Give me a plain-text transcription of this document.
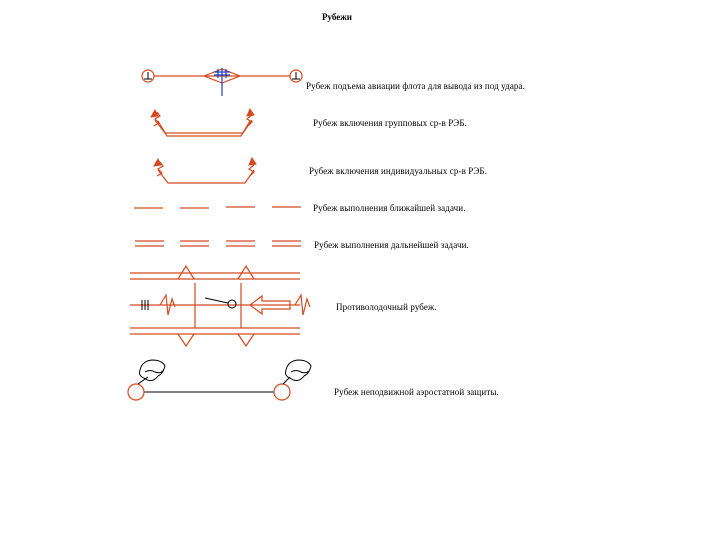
Рубежи
Рубеж подъема авиации флота для вывода из под удара.
Рубеж включения групповых ср-в РЭБ.
Рубеж включения индивидуальных ср-в РЭБ.
Рубеж выполнения ближайшей задачи.
Рубеж выполнения дальнейшей задачи.
Противолодочный рубеж.
Рубеж неподвижной аэростатной защиты.
